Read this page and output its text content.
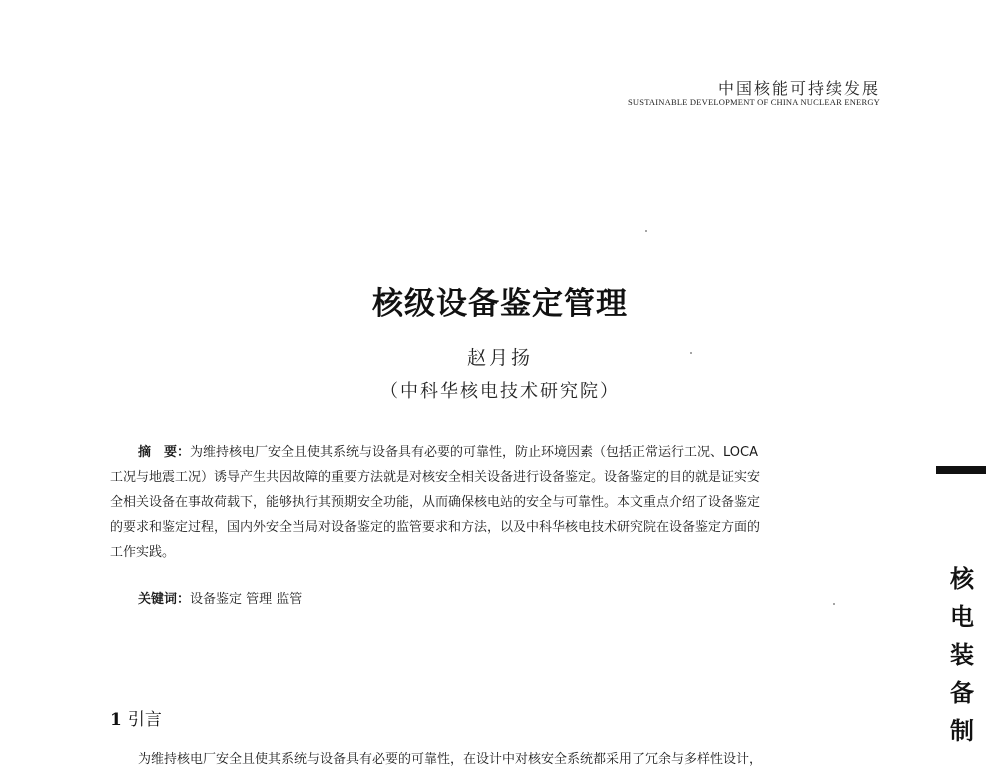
中国核能可持续发展
SUSTAINABLE DEVELOPMENT OF CHINA NUCLEAR ENERGY
核级设备鉴定管理
赵月扬
（中科华核电技术研究院）
摘　要：为维持核电厂安全且使其系统与设备具有必要的可靠性，防止环境因素（包括正常运行工况、LOCA
工况与地震工况）诱导产生共因故障的重要方法就是对核安全相关设备进行设备鉴定。设备鉴定的目的就是证实安
全相关设备在事故荷载下，能够执行其预期安全功能，从而确保核电站的安全与可靠性。本文重点介绍了设备鉴定
的要求和鉴定过程，国内外安全当局对设备鉴定的监管要求和方法，以及中科华核电技术研究院在设备鉴定方面的
工作实践。
关键词：设备鉴定 管理 监管
1 引言
为维持核电厂安全且使其系统与设备具有必要的可靠性，在设计中对核安全系统都采用了冗余与多样性设计，
核
电
装
备
制
